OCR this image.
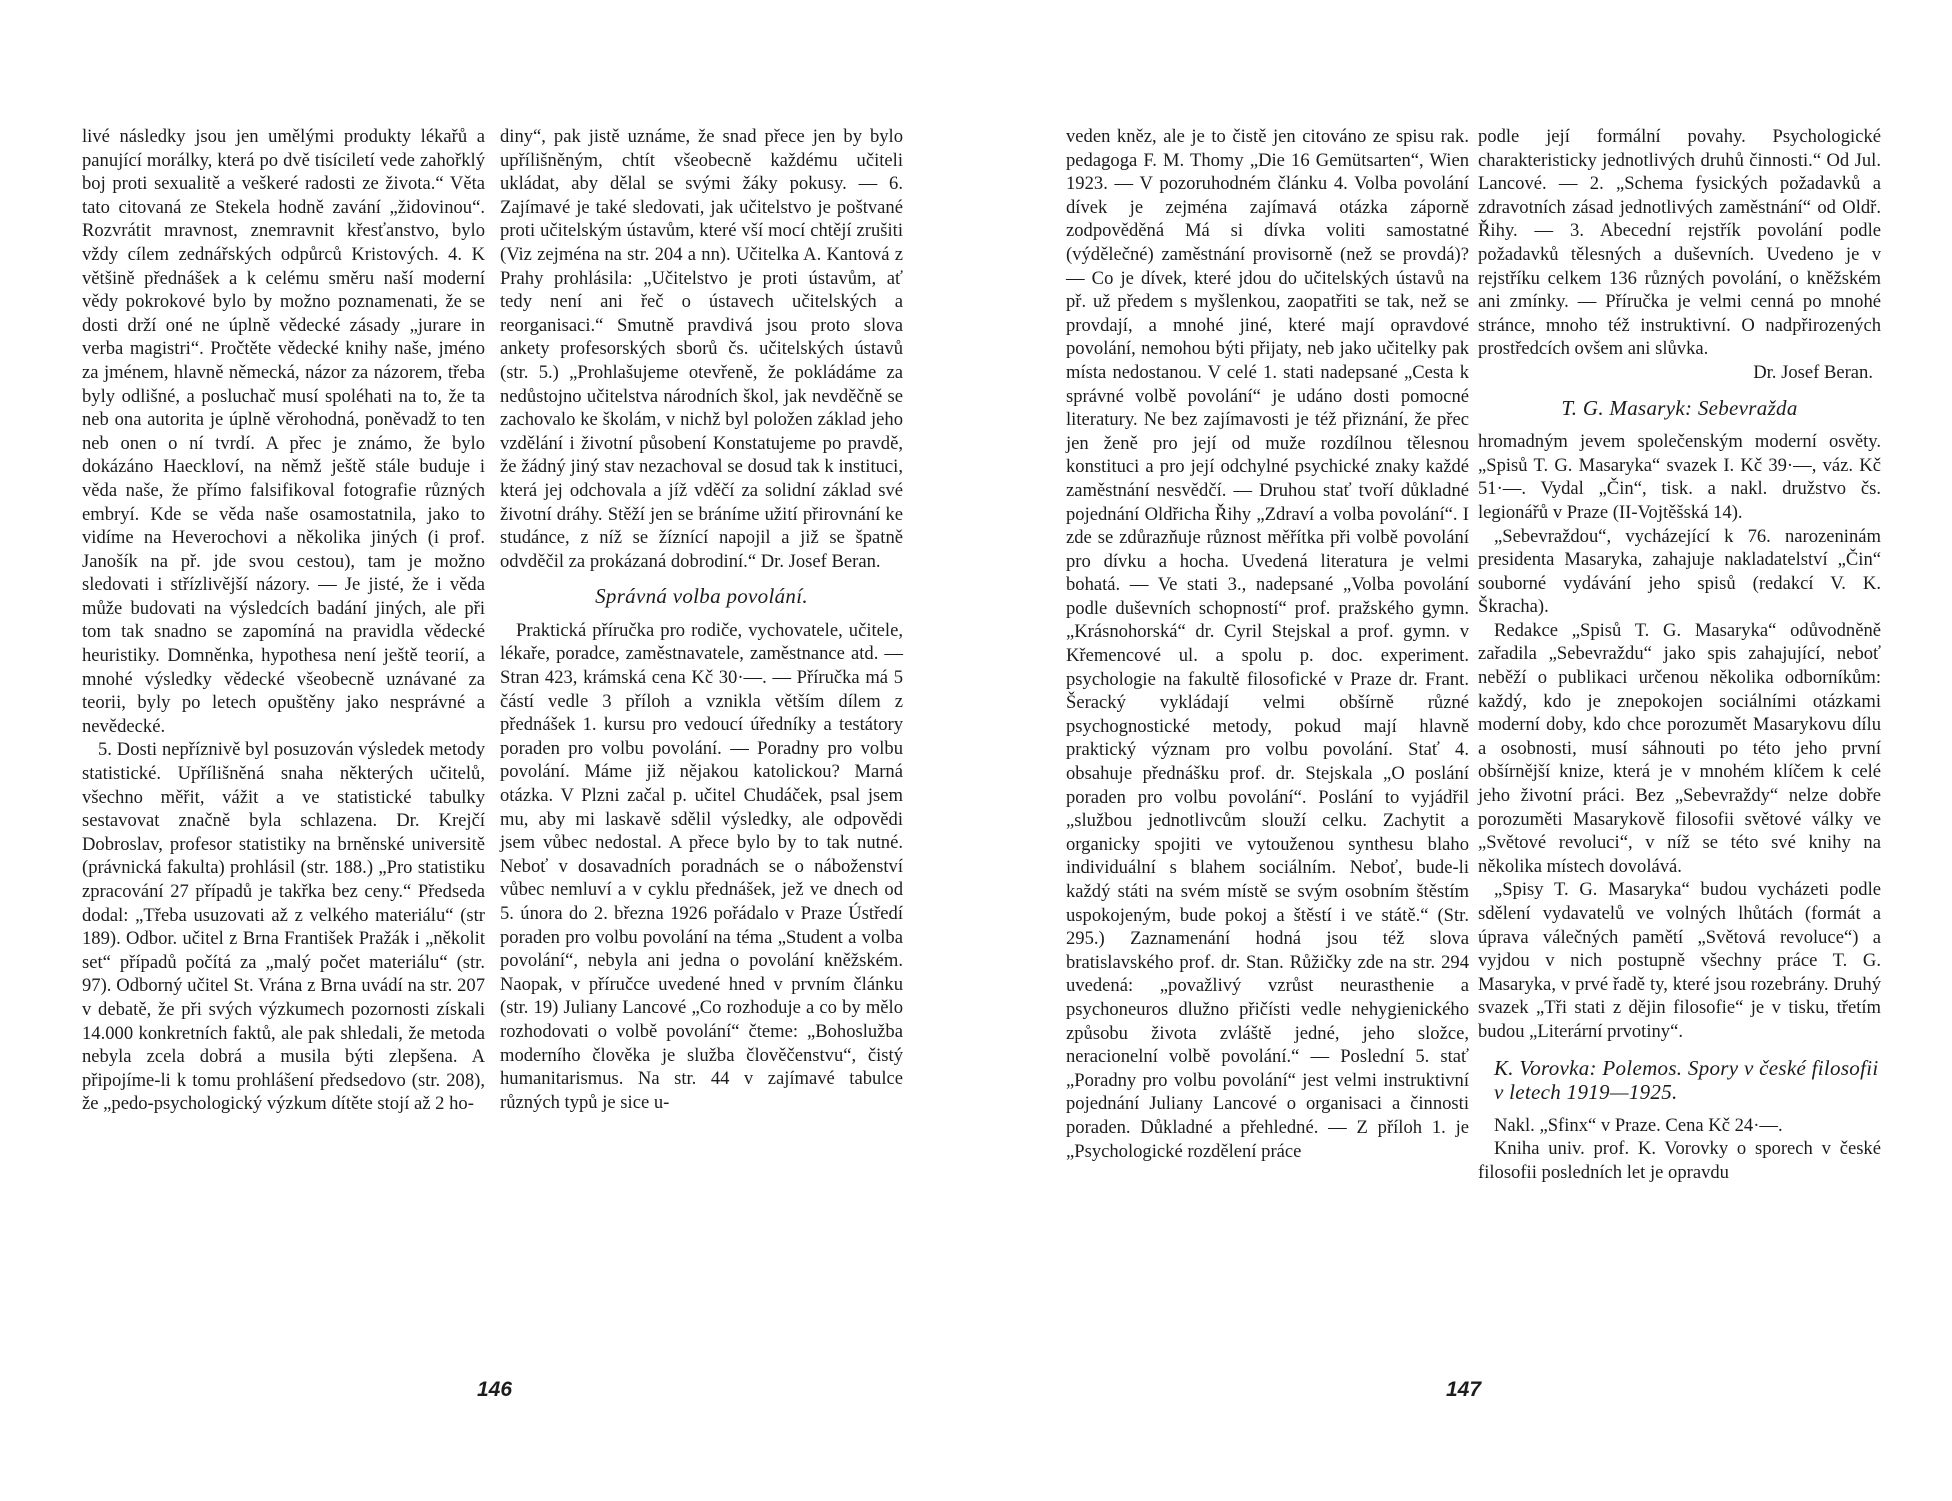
livé následky jsou jen umělými produkty lékařů a panující morálky, která po dvě tisíciletí vede zahořklý boj proti sexualitě a veškeré radosti ze života.“ Věta tato citovaná ze Stekela hodně zavání „židovinou“. Rozvrátit mravnost, znemravnit křesťanstvo, bylo vždy cílem zednářských odpůrců Kristových. 4. K většině přednášek a k celému směru naší moderní vědy pokrokové bylo by možno poznamenati, že se dosti drží oné ne úplně vědecké zásady „jurare in verba magistri“. Pročtěte vědecké knihy naše, jméno za jménem, hlavně německá, názor za názorem, třeba byly odlišné, a posluchač musí spoléhati na to, že ta neb ona autorita je úplně věrohodná, poněvadž to ten neb onen o ní tvrdí. A přec je známo, že bylo dokázáno Haeckloví, na němž ještě stále buduje i věda naše, že přímo falsifikoval fotografie různých embryí. Kde se věda naše osamostatnila, jako to vidíme na Heverochovi a několika jiných (i prof. Janošík na př. jde svou cestou), tam je možno sledovati i střízlivější názory. — Je jisté, že i věda může budovati na výsledcích badání jiných, ale při tom tak snadno se zapomíná na pravidla vědecké heuristiky. Domněnka, hypothesa není ještě teorií, a mnohé výsledky vědecké všeobecně uznávané za teorii, byly po letech opuštěny jako nesprávné a nevědecké.

5. Dosti nepříznivě byl posuzován výsledek metody statistické. Upřílišněná snaha některých učitelů, všechno měřit, vážit a ve statistické tabulky sestavovat značně byla schlazena. Dr. Krejčí Dobroslav, profesor statistiky na brněnské universitě (právnická fakulta) prohlásil (str. 188.) „Pro statistiku zpracování 27 případů je takřka bez ceny.“ Předseda dodal: „Třeba usuzovati až z velkého materiálu“ (str 189). Odbor. učitel z Brna František Pražák i „několit set“ případů počítá za „malý počet materiálu“ (str. 97). Odborný učitel St. Vrána z Brna uvádí na str. 207 v debatě, že při svých výzkumech pozornosti získali 14.000 konkretních faktů, ale pak shledali, že metoda nebyla zcela dobrá a musila býti zlepšena. A připojíme-li k tomu prohlášení předsedovo (str. 208), že „pedo-psychologický výzkum dítěte stojí až 2 ho-

diny“, pak jistě uznáme, že snad přece jen by bylo upřílišněným, chtít všeobecně každému učiteli ukládat, aby dělal se svými žáky pokusy. — 6. Zajímavé je také sledovati, jak učitelstvo je poštvané proti učitelským ústavům, které vší mocí chtějí zrušiti (Viz zejména na str. 204 a nn). Učitelka A. Kantová z Prahy prohlásila: „Učitelstvo je proti ústavům, ať tedy není ani řeč o ústavech učitelských a reorganisaci.“ Smutně pravdivá jsou proto slova ankety profesorských sborů čs. učitelských ústavů (str. 5.) „Prohlašujeme otevřeně, že pokládáme za nedůstojno učitelstva národních škol, jak nevděčně se zachovalo ke školám, v nichž byl položen základ jeho vzdělání i životní působení Konstatujeme po pravdě, že žádný jiný stav nezachoval se dosud tak k instituci, která jej odchovala a jíž vděčí za solidní základ své životní dráhy. Stěží jen se bráníme užití přirovnání ke studánce, z níž se žíznící napojil a již se špatně odvděčil za prokázaná dobrodiní.“ Dr. Josef Beran.

Správná volba povolání.

Praktická příručka pro rodiče, vychovatele, učitele, lékaře, poradce, zaměstnavatele, zaměstnance atd. — Stran 423, krámská cena Kč 30·—. — Příručka má 5 částí vedle 3 příloh a vznikla větším dílem z přednášek 1. kursu pro vedoucí úředníky a testátory poraden pro volbu povolání. — Poradny pro volbu povolání. Máme již nějakou katolickou? Marná otázka. V Plzni začal p. učitel Chudáček, psal jsem mu, aby mi laskavě sdělil výsledky, ale odpovědi jsem vůbec nedostal. A přece bylo by to tak nutné. Neboť v dosavadních poradnách se o náboženství vůbec nemluví a v cyklu přednášek, jež ve dnech od 5. února do 2. března 1926 pořádalo v Praze Ústředí poraden pro volbu povolání na téma „Student a volba povolání“, nebyla ani jedna o povolání kněžském. Naopak, v příručce uvedené hned v prvním článku (str. 19) Juliany Lancové „Co rozhoduje a co by mělo rozhodovati o volbě povolání“ čteme: „Bohoslužba moderního člověka je služba člověčenstvu“, čistý humanitarismus. Na str. 44 v zajímavé tabulce různých typů je sice u-

146

veden kněz, ale je to čistě jen citováno ze spisu rak. pedagoga F. M. Thomy „Die 16 Gemütsarten“, Wien 1923. — V pozoruhodném článku 4. Volba povolání dívek je zejména zajímavá otázka záporně zodpověděná Má si dívka voliti samostatné (výdělečné) zaměstnání provisorně (než se provdá)? — Co je dívek, které jdou do učitelských ústavů na př. už předem s myšlenkou, zaopatřiti se tak, než se provdají, a mnohé jiné, které mají opravdové povolání, nemohou býti přijaty, neb jako učitelky pak místa nedostanou. V celé 1. stati nadepsané „Cesta k správné volbě povolání“ je udáno dosti pomocné literatury. Ne bez zajímavosti je též přiznání, že přec jen ženě pro její od muže rozdílnou tělesnou konstituci a pro její odchylné psychické znaky každé zaměstnání nesvědčí. — Druhou stať tvoří důkladné pojednání Oldřicha Řihy „Zdraví a volba povolání“. I zde se zdůrazňuje různost měřítka při volbě povolání pro dívku a hocha. Uvedená literatura je velmi bohatá. — Ve stati 3., nadepsané „Volba povolání podle duševních schopností“ prof. pražského gymn. „Krásnohorská“ dr. Cyril Stejskal a prof. gymn. v Křemencové ul. a spolu p. doc. experiment. psychologie na fakultě filosofické v Praze dr. Frant. Šeracký vykládají velmi obšírně různé psychognostické metody, pokud mají hlavně praktický význam pro volbu povolání. Stať 4. obsahuje přednášku prof. dr. Stejskala „O poslání poraden pro volbu povolání“. Poslání to vyjádřil „službou jednotlivcům slouží celku. Zachytit a organicky spojiti ve vytouženou synthesu blaho individuální s blahem sociálním. Neboť, bude-li každý státi na svém místě se svým osobním štěstím uspokojeným, bude pokoj a štěstí i ve státě.“ (Str. 295.) Zaznamenání hodná jsou též slova bratislavského prof. dr. Stan. Růžičky zde na str. 294 uvedená: „považlivý vzrůst neurasthenie a psychoneuros dlužno přičísti vedle nehygienického způsobu života zvláště jedné, jeho složce, neracionelní volbě povolání.“ — Poslední 5. stať „Poradny pro volbu povolání“ jest velmi instruktivní pojednání Juliany Lancové o organisaci a činnosti poraden. Důkladné a přehledné. — Z příloh 1. je „Psychologické rozdělení práce

podle její formální povahy. Psychologické charakteristicky jednotlivých druhů činnosti.“ Od Jul. Lancové. — 2. „Schema fysických požadavků a zdravotních zásad jednotlivých zaměstnání“ od Oldř. Řihy. — 3. Abecední rejstřík povolání podle požadavků tělesných a duševních. Uvedeno je v rejstříku celkem 136 různých povolání, o kněžském ani zmínky. — Příručka je velmi cenná po mnohé stránce, mnoho též instruktivní. O nadpřirozených prostředcích ovšem ani slůvka.

Dr. Josef Beran.

T. G. Masaryk: Sebevražda

hromadným jevem společenským moderní osvěty. „Spisů T. G. Masaryka“ svazek I. Kč 39·—, váz. Kč 51·—. Vydal „Čin“, tisk. a nakl. družstvo čs. legionářů v Praze (II-Vojtěšská 14).

„Sebevraždou“, vycházející k 76. narozeninám presidenta Masaryka, zahajuje nakladatelství „Čin“ souborné vydávání jeho spisů (redakcí V. K. Škracha).

Redakce „Spisů T. G. Masaryka“ odůvodněně zařadila „Sebevraždu“ jako spis zahajující, neboť neběží o publikaci určenou několika odborníkům: každý, kdo je znepokojen sociálními otázkami moderní doby, kdo chce porozumět Masarykovu dílu a osobnosti, musí sáhnouti po této jeho první obšírnější knize, která je v mnohém klíčem k celé jeho životní práci. Bez „Sebevraždy“ nelze dobře porozuměti Masarykově filosofii světové války ve „Světové revoluci“, v níž se této své knihy na několika místech dovolává.

„Spisy T. G. Masaryka“ budou vycházeti podle sdělení vydavatelů ve volných lhůtách (formát a úprava válečných pamětí „Světová revoluce“) a vyjdou v nich postupně všechny práce T. G. Masaryka, v prvé řadě ty, které jsou rozebrány. Druhý svazek „Tři stati z dějin filosofie“ je v tisku, třetím budou „Literární prvotiny“.

K. Vorovka: Polemos. Spory v české filosofii v letech 1919—1925.

Nakl. „Sfinx“ v Praze. Cena Kč 24·—.

Kniha univ. prof. K. Vorovky o sporech v české filosofii posledních let je opravdu

147
